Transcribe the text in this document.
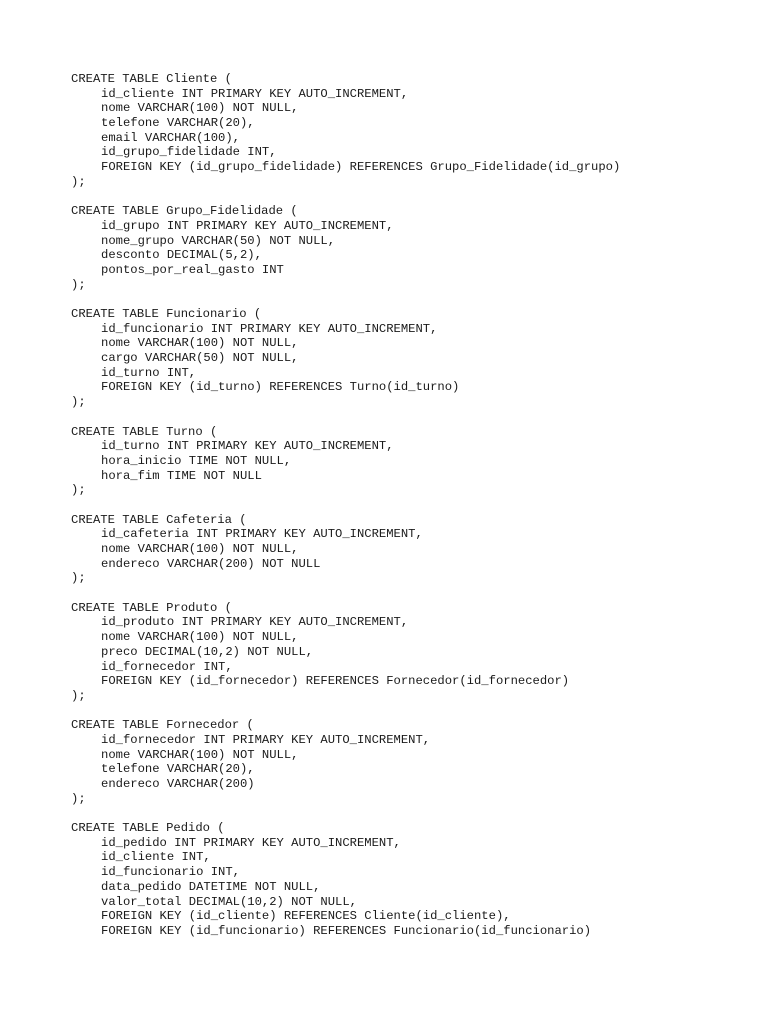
CREATE TABLE Cliente (
id_cliente INT PRIMARY KEY AUTO_INCREMENT,
nome VARCHAR(100) NOT NULL,
telefone VARCHAR(20),
email VARCHAR(100),
id_grupo_fidelidade INT,
FOREIGN KEY (id_grupo_fidelidade) REFERENCES Grupo_Fidelidade(id_grupo)
);
CREATE TABLE Grupo_Fidelidade (
id_grupo INT PRIMARY KEY AUTO_INCREMENT,
nome_grupo VARCHAR(50) NOT NULL,
desconto DECIMAL(5,2),
pontos_por_real_gasto INT
);
CREATE TABLE Funcionario (
id_funcionario INT PRIMARY KEY AUTO_INCREMENT,
nome VARCHAR(100) NOT NULL,
cargo VARCHAR(50) NOT NULL,
id_turno INT,
FOREIGN KEY (id_turno) REFERENCES Turno(id_turno)
);
CREATE TABLE Turno (
id_turno INT PRIMARY KEY AUTO_INCREMENT,
hora_inicio TIME NOT NULL,
hora_fim TIME NOT NULL
);
CREATE TABLE Cafeteria (
id_cafeteria INT PRIMARY KEY AUTO_INCREMENT,
nome VARCHAR(100) NOT NULL,
endereco VARCHAR(200) NOT NULL
);
CREATE TABLE Produto (
id_produto INT PRIMARY KEY AUTO_INCREMENT,
nome VARCHAR(100) NOT NULL,
preco DECIMAL(10,2) NOT NULL,
id_fornecedor INT,
FOREIGN KEY (id_fornecedor) REFERENCES Fornecedor(id_fornecedor)
);
CREATE TABLE Fornecedor (
id_fornecedor INT PRIMARY KEY AUTO_INCREMENT,
nome VARCHAR(100) NOT NULL,
telefone VARCHAR(20),
endereco VARCHAR(200)
);
CREATE TABLE Pedido (
id_pedido INT PRIMARY KEY AUTO_INCREMENT,
id_cliente INT,
id_funcionario INT,
data_pedido DATETIME NOT NULL,
valor_total DECIMAL(10,2) NOT NULL,
FOREIGN KEY (id_cliente) REFERENCES Cliente(id_cliente),
FOREIGN KEY (id_funcionario) REFERENCES Funcionario(id_funcionario)
